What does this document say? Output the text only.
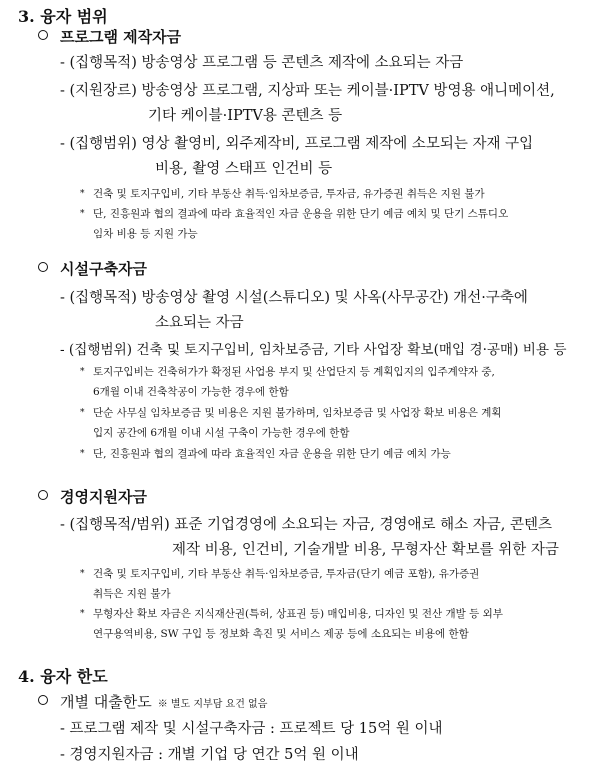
3. 융자 범위
프로그램 제작자금
- (집행목적) 방송영상 프로그램 등 콘텐츠 제작에 소요되는 자금
- (지원장르) 방송영상 프로그램, 지상파 또는 케이블·IPTV 방영용 애니메이션,
기타 케이블·IPTV용 콘텐츠 등
- (집행범위) 영상 촬영비, 외주제작비, 프로그램 제작에 소모되는 자재 구입
비용, 촬영 스태프 인건비 등
* 건축 및 토지구입비, 기타 부동산 취득·임차보증금, 투자금, 유가증권 취득은 지원 불가
* 단, 진흥원과 협의 결과에 따라 효율적인 자금 운용을 위한 단기 예금 예치 및 단기 스튜디오
임차 비용 등 지원 가능
시설구축자금
- (집행목적) 방송영상 촬영 시설(스튜디오) 및 사옥(사무공간) 개선·구축에
소요되는 자금
- (집행범위) 건축 및 토지구입비, 임차보증금, 기타 사업장 확보(매입 경·공매) 비용 등
* 토지구입비는 건축허가가 확정된 사업용 부지 및 산업단지 등 계획입지의 입주계약자 중,
6개월 이내 건축착공이 가능한 경우에 한함
* 단순 사무실 임차보증금 및 비용은 지원 불가하며, 임차보증금 및 사업장 확보 비용은 계획
입지 공간에 6개월 이내 시설 구축이 가능한 경우에 한함
* 단, 진흥원과 협의 결과에 따라 효율적인 자금 운용을 위한 단기 예금 예치 가능
경영지원자금
- (집행목적/범위) 표준 기업경영에 소요되는 자금, 경영애로 해소 자금, 콘텐츠
제작 비용, 인건비, 기술개발 비용, 무형자산 확보를 위한 자금
* 건축 및 토지구입비, 기타 부동산 취득·임차보증금, 투자금(단기 예금 포함), 유가증권
취득은 지원 불가
* 무형자산 확보 자금은 지식재산권(특허, 상표권 등) 매입비용, 디자인 및 전산 개발 등 외부
연구용역비용, SW 구입 등 정보화 촉진 및 서비스 제공 등에 소요되는 비용에 한함
4. 융자 한도
개별 대출한도 ※ 별도 지부담 요건 없음
- 프로그램 제작 및 시설구축자금 : 프로젝트 당 15억 원 이내
- 경영지원자금 : 개별 기업 당 연간 5억 원 이내
